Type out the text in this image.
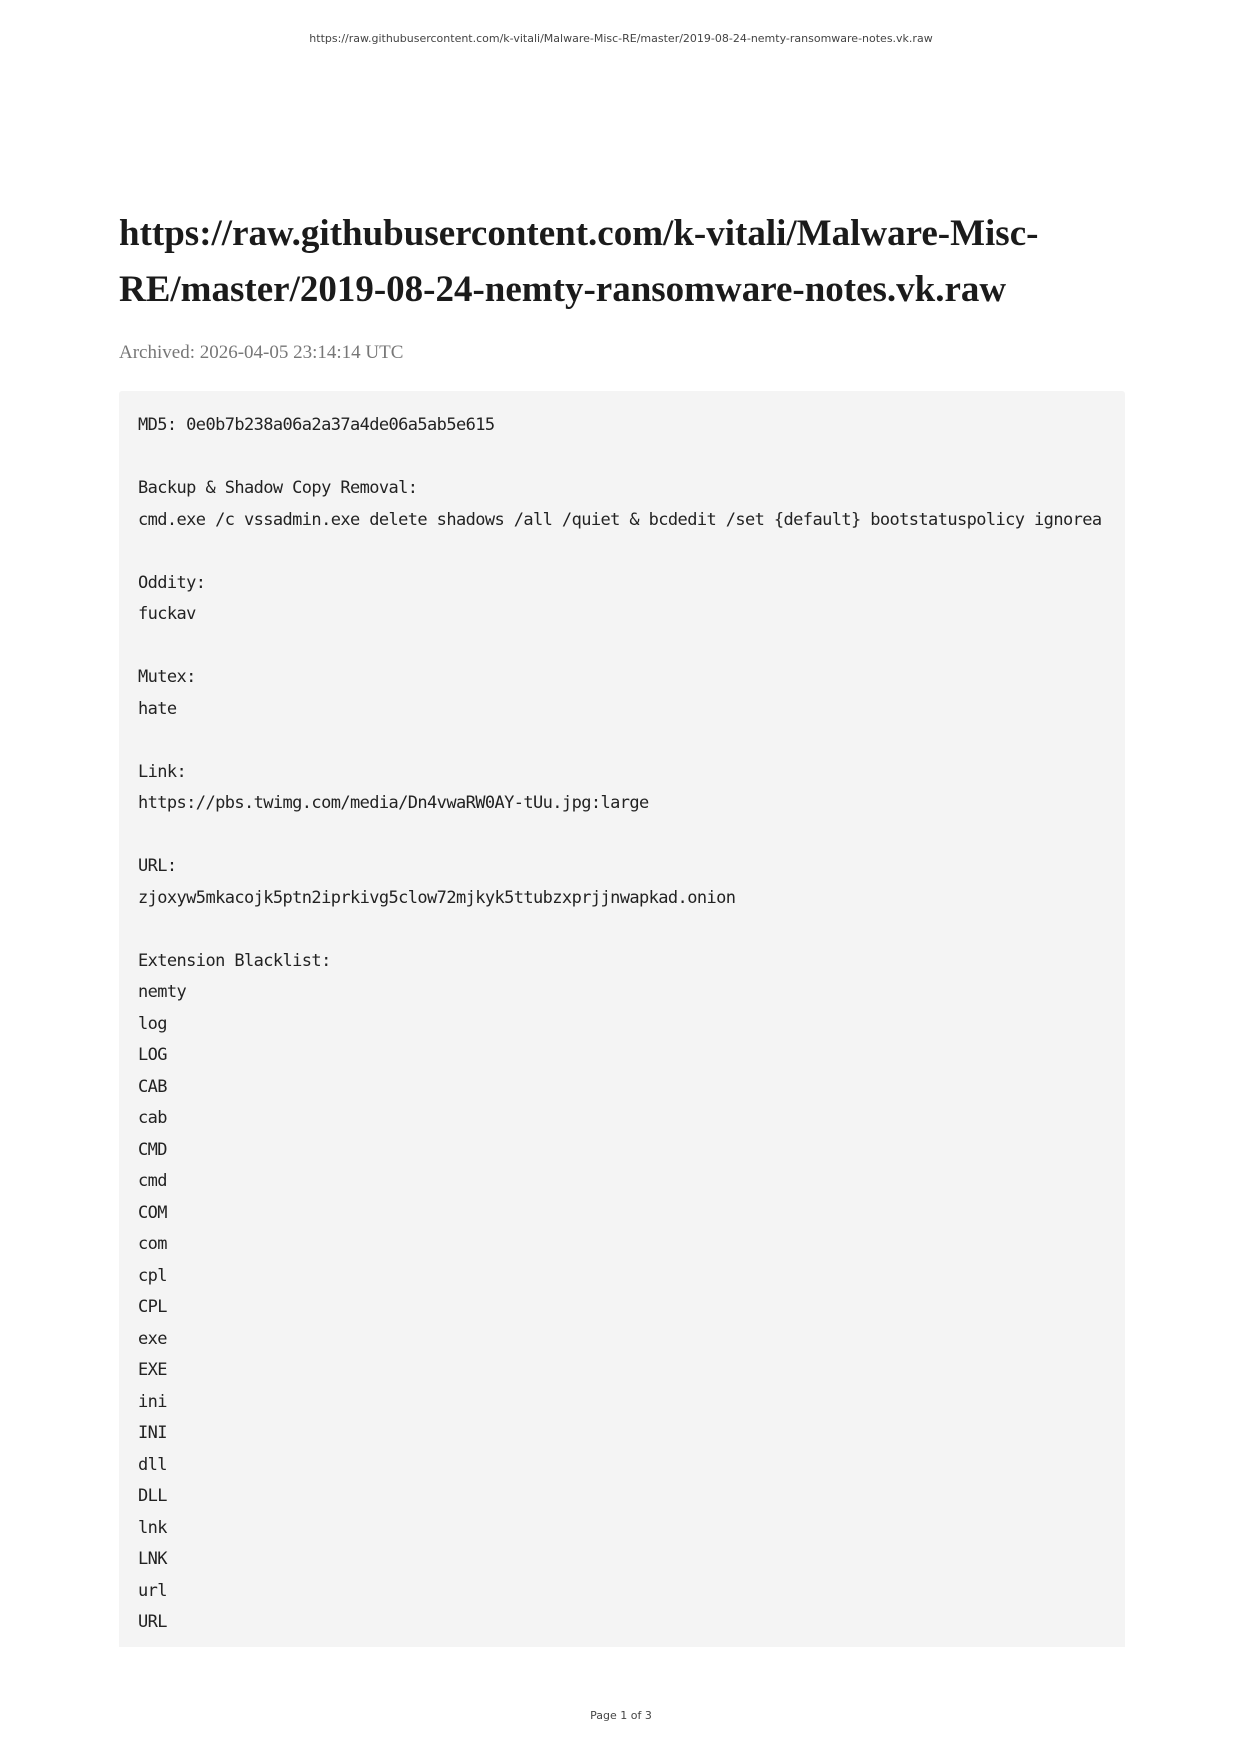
https://raw.githubusercontent.com/k-vitali/Malware-Misc-RE/master/2019-08-24-nemty-ransomware-notes.vk.raw
https://raw.githubusercontent.com/k-vitali/Malware-Misc-
RE/master/2019-08-24-nemty-ransomware-notes.vk.raw
Archived: 2026-04-05 23:14:14 UTC
MD5: 0e0b7b238a06a2a37a4de06a5ab5e615
Backup & Shadow Copy Removal:
cmd.exe /c vssadmin.exe delete shadows /all /quiet & bcdedit /set {default} bootstatuspolicy ignorea
Oddity:
fuckav
Mutex:
hate
Link:
https://pbs.twimg.com/media/Dn4vwaRW0AY-tUu.jpg:large
URL:
zjoxyw5mkacojk5ptn2iprkivg5clow72mjkyk5ttubzxprjjnwapkad.onion
Extension Blacklist:
nemty
log
LOG
CAB
cab
CMD
cmd
COM
com
cpl
CPL
exe
EXE
ini
INI
dll
DLL
lnk
LNK
url
URL
Page 1 of 3
